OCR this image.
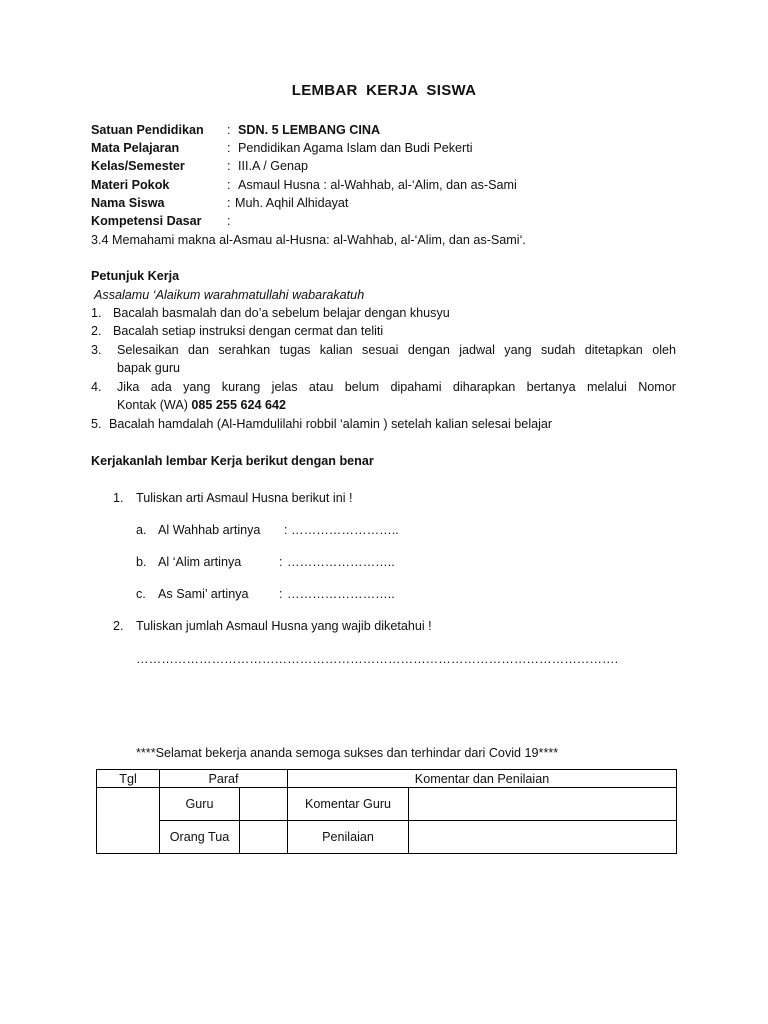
LEMBAR KERJA SISWA
Satuan Pendidikan : SDN. 5 LEMBANG CINA
Mata Pelajaran	: Pendidikan Agama Islam dan Budi Pekerti
Kelas/Semester	: III.A / Genap
Materi Pokok	: Asmaul Husna : al-Wahhab, al-‘Alim, dan as-Sami
Nama Siswa	: Muh. Aqhil Alhidayat
Kompetensi Dasar :
3.4 Memahami makna al-Asmau al-Husna: al-Wahhab, al-‘Alim, dan as-Sami‘.
Petunjuk Kerja
Assalamu ‘Alaikum warahmatullahi wabarakatuh
1. Bacalah basmalah dan do’a sebelum belajar dengan khusyu
2. Bacalah setiap instruksi dengan cermat dan teliti
3. Selesaikan dan serahkan tugas kalian sesuai dengan jadwal yang sudah ditetapkan oleh
bapak guru
4. Jika ada yang kurang jelas atau belum dipahami diharapkan bertanya melalui Nomor
Kontak (WA) 085 255 624 642
5. Bacalah hamdalah (Al-Hamdulilahi robbil ‘alamin ) setelah kalian selesai belajar
Kerjakanlah lembar Kerja berikut dengan benar
1. Tuliskan arti Asmaul Husna berikut ini !
a. Al Wahhab artinya : ……………………..
b. Al ‘Alim artinya	: ……………………..
c. As Sami’ artinya : ……………………..
2. Tuliskan jumlah Asmaul Husna yang wajib diketahui !
…………………………………………………………………………………………………….
****Selamat bekerja ananda semoga sukses dan terhindar dari Covid 19****
Tgl	Paraf		Komentar dan Penilaian	
	Guru		Komentar Guru	
	Orang Tua		Penilaian	
